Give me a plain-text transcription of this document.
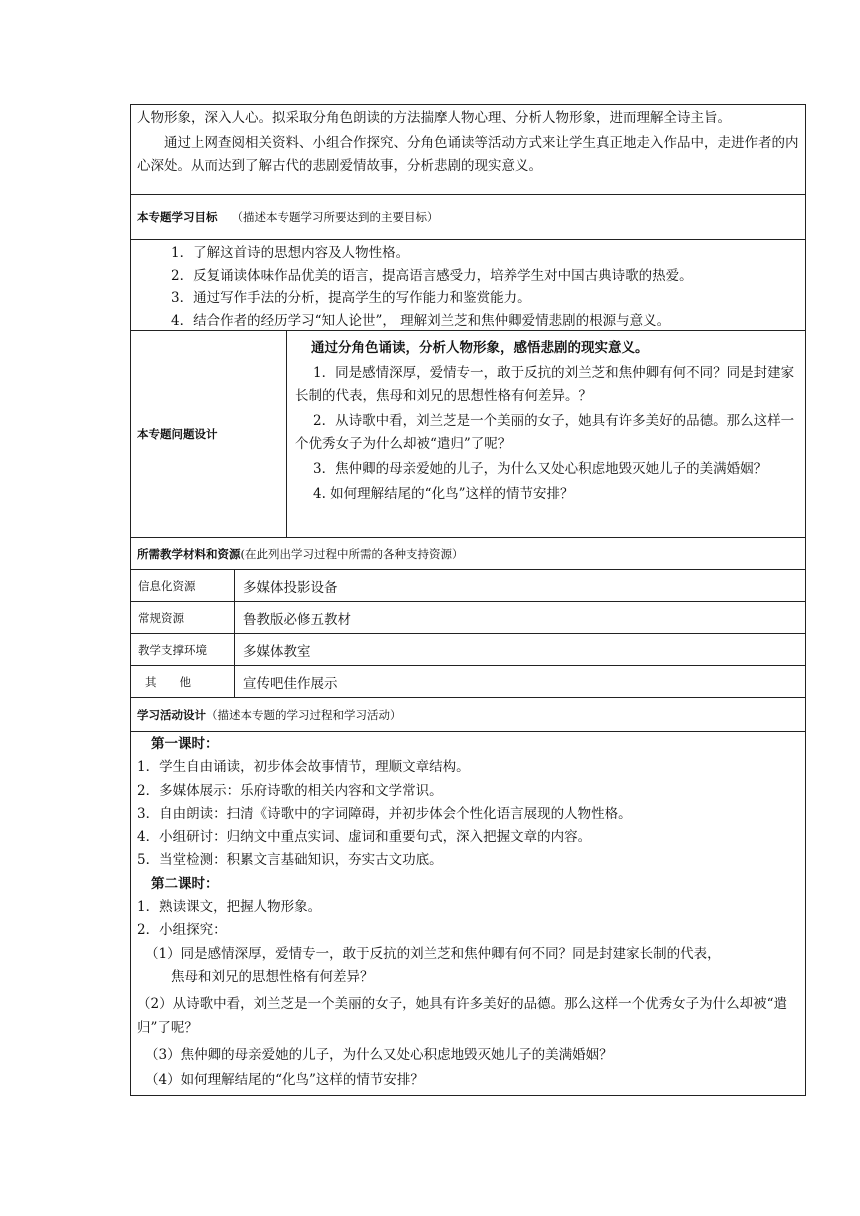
人物形象，深入人心。拟采取分角色朗读的方法揣摩人物心理、分析人物形象，进而理解全诗主旨。

通过上网查阅相关资料、小组合作探究、分角色诵读等活动方式来让学生真正地走入作品中，走进作者的内心深处。从而达到了解古代的悲剧爱情故事，分析悲剧的现实意义。

本专题学习目标 （描述本专题学习所要达到的主要目标）
1．了解这首诗的思想内容及人物性格。
2．反复诵读体味作品优美的语言，提高语言感受力，培养学生对中国古典诗歌的热爱。
3．通过写作手法的分析，提高学生的写作能力和鉴赏能力。
4．结合作者的经历学习“知人论世”， 理解刘兰芝和焦仲卿爱情悲剧的根源与意义。
本专题问题设计

通过分角色诵读，分析人物形象，感悟悲剧的现实意义。

1．同是感情深厚，爱情专一，敢于反抗的刘兰芝和焦仲卿有何不同？同是封建家长制的代表，焦母和刘兄的思想性格有何差异。？

2．从诗歌中看，刘兰芝是一个美丽的女子，她具有许多美好的品德。那么这样一个优秀女子为什么却被“遣归”了呢？

3．焦仲卿的母亲爱她的儿子，为什么又处心积虑地毁灭她儿子的美满婚姻？

4. 如何理解结尾的“化鸟”这样的情节安排？

所需教学材料和资源 (在此列出学习过程中所需的各种支持资源）
信息化资源	多媒体投影设备
常规资源	鲁教版必修五教材
教学支撑环境	多媒体教室
其　　他	宣传吧佳作展示
学习活动设计 （描述本专题的学习过程和学习活动）
第一课时：
1．学生自由诵读，初步体会故事情节，理顺文章结构。
2．多媒体展示：乐府诗歌的相关内容和文学常识。
3．自由朗读：扫清《诗歌中的字词障碍，并初步体会个性化语言展现的人物性格。
4．小组研讨：归纳文中重点实词、虚词和重要句式，深入把握文章的内容。
5．当堂检测：积累文言基础知识，夯实古文功底。
第二课时：
1．熟读课文，把握人物形象。
2．小组探究：
（1）同是感情深厚，爱情专一，敢于反抗的刘兰芝和焦仲卿有何不同？同是封建家长制的代表，
焦母和刘兄的思想性格有何差异？
（2）从诗歌中看，刘兰芝是一个美丽的女子，她具有许多美好的品德。那么这样一个优秀女子为什么却被“遣归”了呢？
（3）焦仲卿的母亲爱她的儿子，为什么又处心积虑地毁灭她儿子的美满婚姻？
（4）如何理解结尾的“化鸟”这样的情节安排？
